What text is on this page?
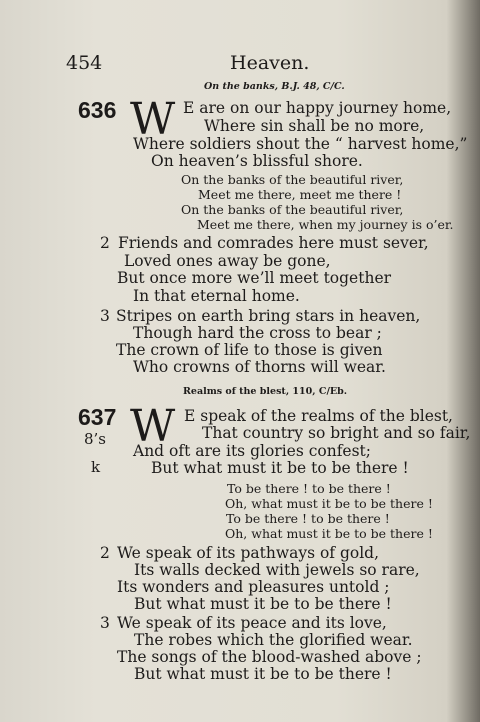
454	Heaven.
On the banks, B.J. 48, C/C.
636 W E are on our happy journey home,
Where sin shall be no more,
Where soldiers shout the “ harvest home,”
On heaven’s blissful shore.
On the banks of the beautiful river,
Meet me there, meet me there !
On the banks of the beautiful river,
Meet me there, when my journey is o’er.
2 Friends and comrades here must sever,
Loved ones away be gone,
But once more we’ll meet together
In that eternal home.
3 Stripes on earth bring stars in heaven,
Though hard the cross to bear ;
The crown of life to those is given
Who crowns of thorns will wear.
Realms of the blest, 110, C/Eb.
637 W E speak of the realms of the blest,
8’s	That country so bright and so fair,
And oft are its glories confest;
k	But what must it be to be there !
To be there ! to be there !
Oh, what must it be to be there !
To be there ! to be there !
Oh, what must it be to be there !
2 We speak of its pathways of gold,
Its walls decked with jewels so rare,
Its wonders and pleasures untold ;
But what must it be to be there !
3 We speak of its peace and its love,
The robes which the glorified wear.
The songs of the blood-washed above ;
But what must it be to be there !
